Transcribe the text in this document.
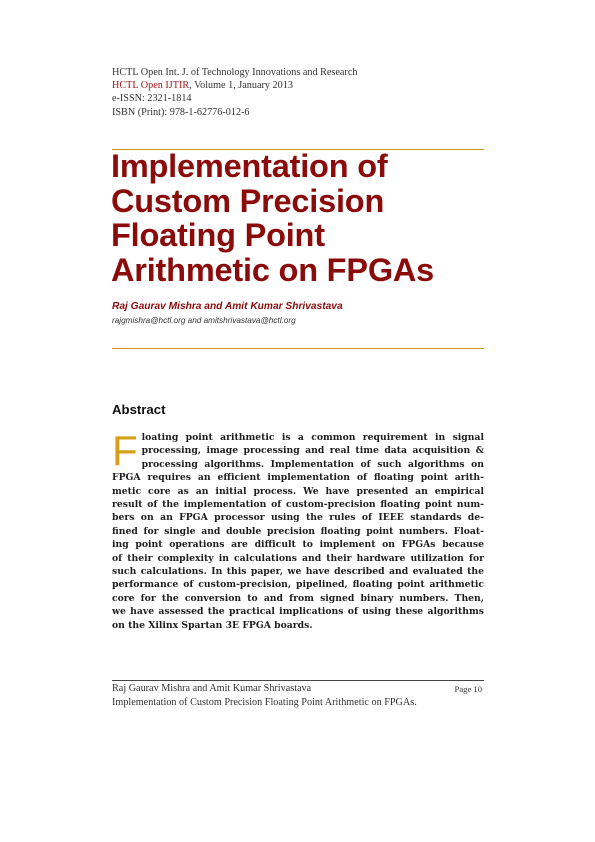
HCTL Open Int. J. of Technology Innovations and Research
HCTL Open IJTIR, Volume 1, January 2013
e-ISSN: 2321-1814
ISBN (Print): 978-1-62776-012-6
Implementation of
Custom Precision
Floating Point
Arithmetic on FPGAs
Raj Gaurav Mishra and Amit Kumar Shrivastava
rajgmishra@hctl.org and amitshrivastava@hctl.org
Abstract
F loating point arithmetic is a common requirement in signal
processing, image processing and real time data acquisition &
processing algorithms. Implementation of such algorithms on
FPGA requires an efficient implementation of floating point arith-
metic core as an initial process. We have presented an empirical
result of the implementation of custom-precision floating point num-
bers on an FPGA processor using the rules of IEEE standards de-
fined for single and double precision floating point numbers. Float-
ing point operations are difficult to implement on FPGAs because
of their complexity in calculations and their hardware utilization for
such calculations. In this paper, we have described and evaluated the
performance of custom-precision, pipelined, floating point arithmetic
core for the conversion to and from signed binary numbers. Then,
we have assessed the practical implications of using these algorithms
on the Xilinx Spartan 3E FPGA boards.
Raj Gaurav Mishra and Amit Kumar Shrivastava	Page 10
Implementation of Custom Precision Floating Point Arithmetic on FPGAs.
